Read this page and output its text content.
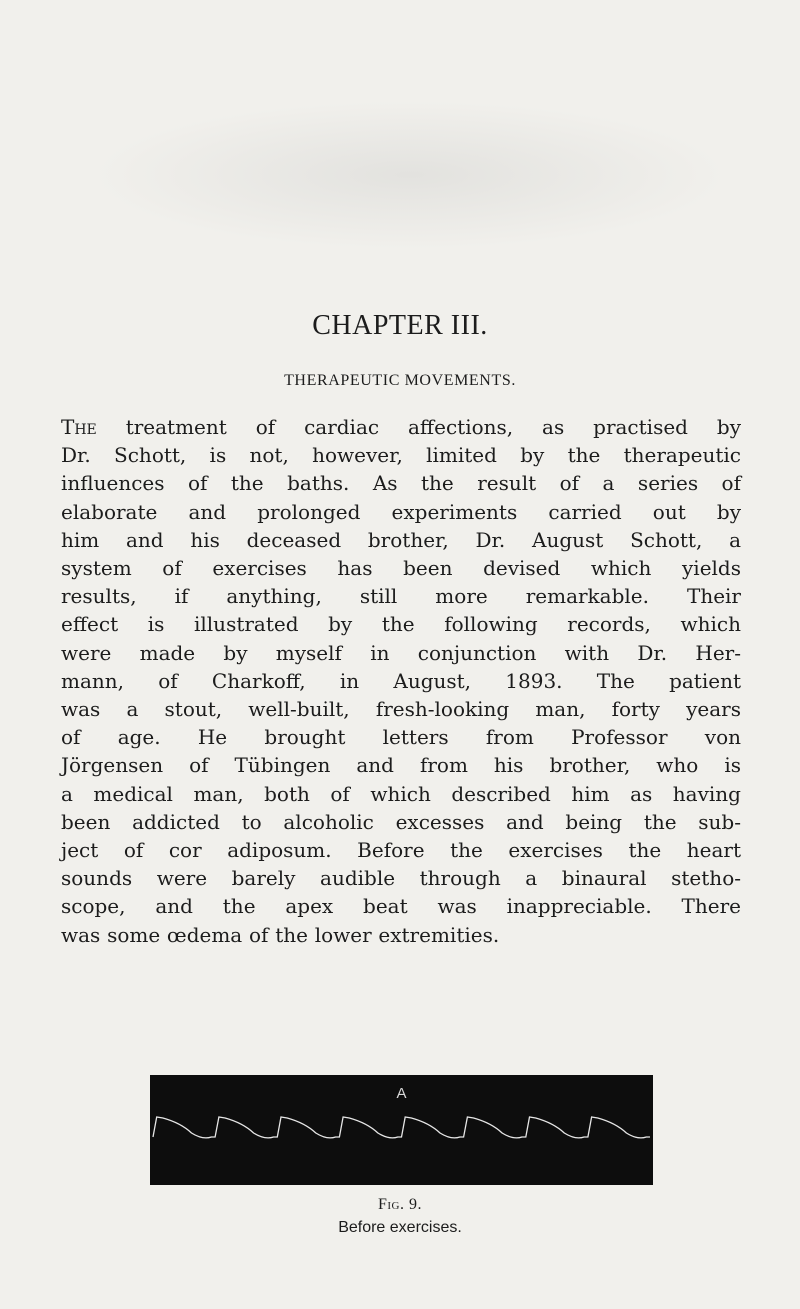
CHAPTER III.
THERAPEUTIC MOVEMENTS.

The treatment of cardiac affections, as practised by
Dr. Schott, is not, however, limited by the therapeutic
influences of the baths. As the result of a series of
elaborate and prolonged experiments carried out by
him and his deceased brother, Dr. August Schott, a
system of exercises has been devised which yields
results, if anything, still more remarkable. Their
effect is illustrated by the following records, which
were made by myself in conjunction with Dr. Her-
mann, of Charkoff, in August, 1893. The patient
was a stout, well-built, fresh-looking man, forty years
of age. He brought letters from Professor von
Jörgensen of Tübingen and from his brother, who is
a medical man, both of which described him as having
been addicted to alcoholic excesses and being the sub-
ject of cor adiposum. Before the exercises the heart
sounds were barely audible through a binaural stetho-
scope, and the apex beat was inappreciable. There
was some œdema of the lower extremities.

A
Fig. 9.
Before exercises.
